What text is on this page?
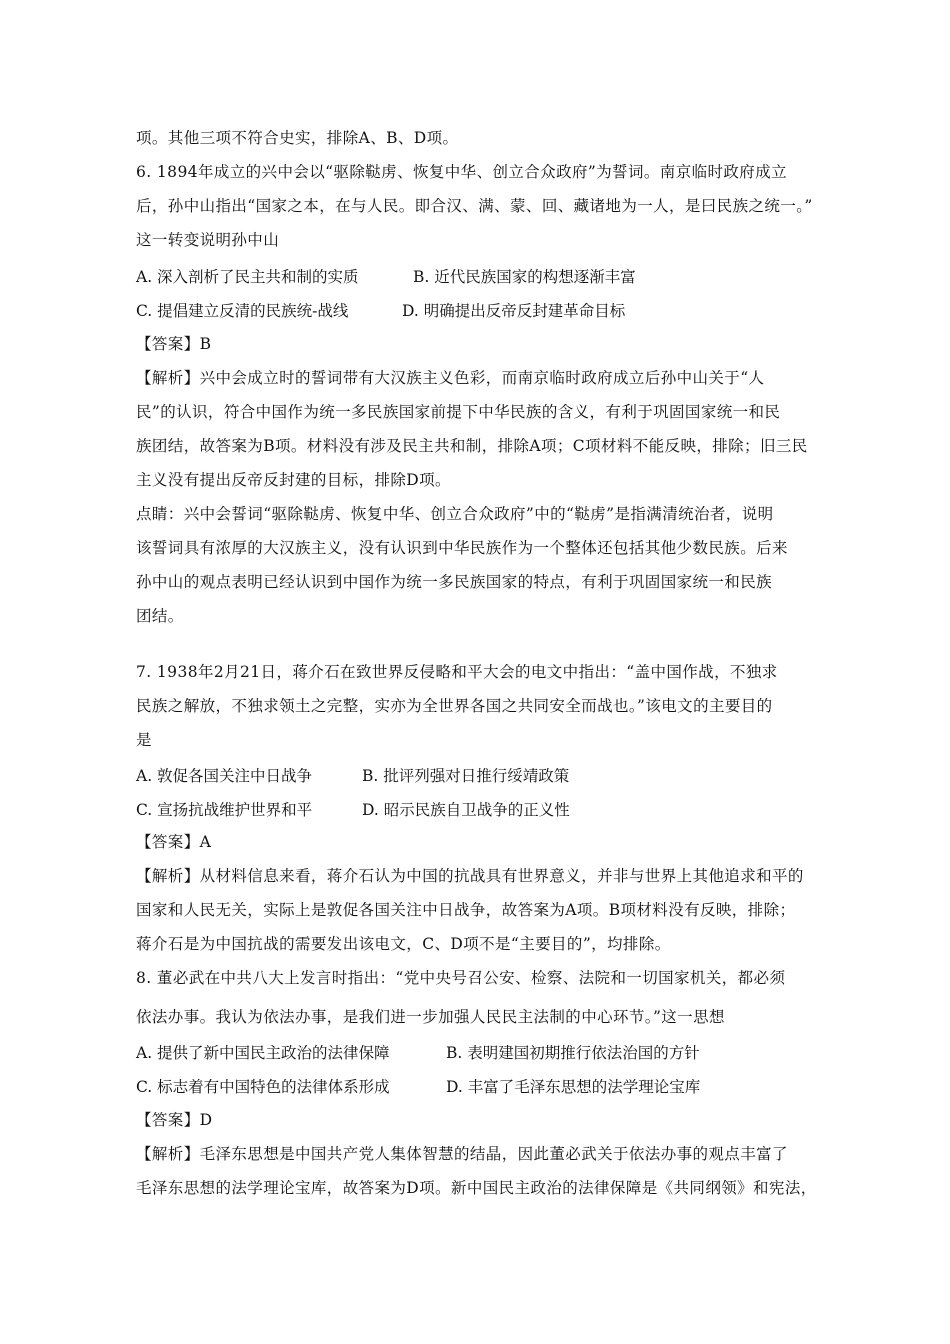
项。其他三项不符合史实，排除A、B、D项。
6. 1894年成立的兴中会以“驱除鞑虏、恢复中华、创立合众政府”为誓词。南京临时政府成立
后，孙中山指出“国家之本，在与人民。即合汉、满、蒙、回、藏诸地为一人，是曰民族之统一。”
这一转变说明孙中山
A. 深入剖析了民主共和制的实质	B. 近代民族国家的构想逐渐丰富
C. 提倡建立反清的民族统-战线	D. 明确提出反帝反封建革命目标
【答案】B
【解析】兴中会成立时的誓词带有大汉族主义色彩，而南京临时政府成立后孙中山关于“人
民”的认识，符合中国作为统一多民族国家前提下中华民族的含义，有利于巩固国家统一和民
族团结，故答案为B项。材料没有涉及民主共和制，排除A项；C项材料不能反映，排除；旧三民
主义没有提出反帝反封建的目标，排除D项。
点睛：兴中会誓词“驱除鞑虏、恢复中华、创立合众政府”中的“鞑虏”是指满清统治者，说明
该誓词具有浓厚的大汉族主义，没有认识到中华民族作为一个整体还包括其他少数民族。后来
孙中山的观点表明已经认识到中国作为统一多民族国家的特点，有利于巩固国家统一和民族
团结。
7. 1938年2月21日，蒋介石在致世界反侵略和平大会的电文中指出：“盖中国作战，不独求
民族之解放，不独求领土之完整，实亦为全世界各国之共同安全而战也。”该电文的主要目的
是
A. 敦促各国关注中日战争	B. 批评列强对日推行绥靖政策
C. 宣扬抗战维护世界和平	D. 昭示民族自卫战争的正义性
【答案】A
【解析】从材料信息来看，蒋介石认为中国的抗战具有世界意义，并非与世界上其他追求和平的
国家和人民无关，实际上是敦促各国关注中日战争，故答案为A项。B项材料没有反映，排除；
蒋介石是为中国抗战的需要发出该电文，C、D项不是“主要目的”，均排除。
8. 董必武在中共八大上发言时指出：“党中央号召公安、检察、法院和一切国家机关，都必须
依法办事。我认为依法办事，是我们进一步加强人民民主法制的中心环节。”这一思想
A. 提供了新中国民主政治的法律保障	B. 表明建国初期推行依法治国的方针
C. 标志着有中国特色的法律体系形成	D. 丰富了毛泽东思想的法学理论宝库
【答案】D
【解析】毛泽东思想是中国共产党人集体智慧的结晶，因此董必武关于依法办事的观点丰富了
毛泽东思想的法学理论宝库，故答案为D项。新中国民主政治的法律保障是《共同纲领》和宪法，
